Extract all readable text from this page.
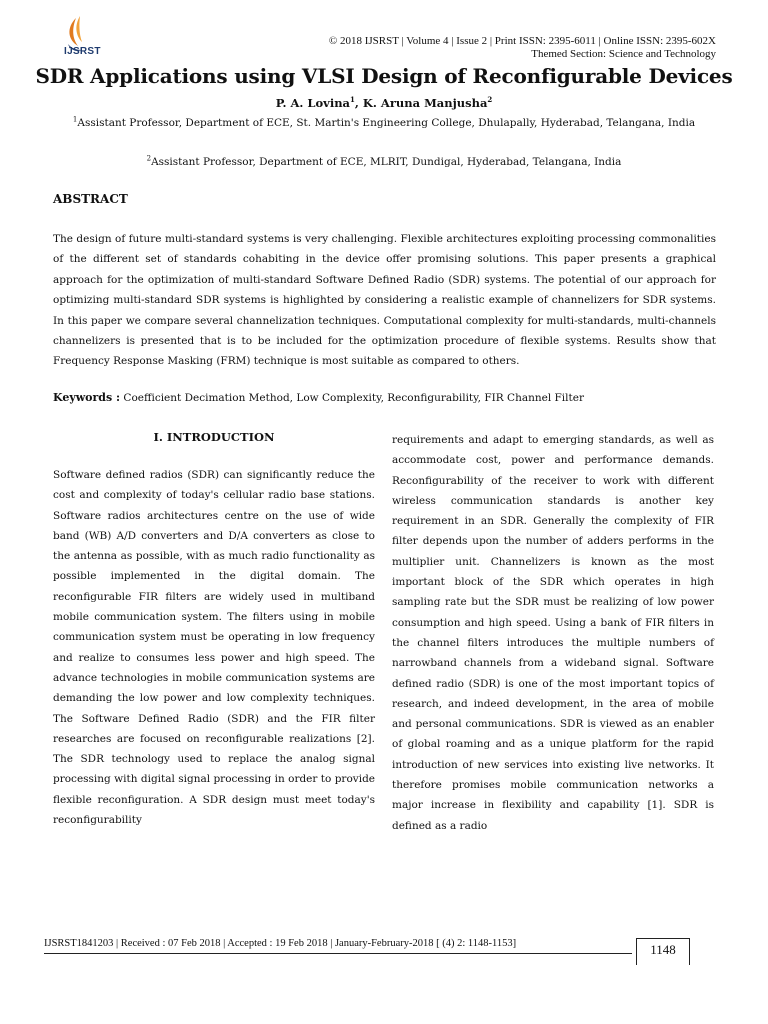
IJSRST
© 2018 IJSRST | Volume 4 | Issue 2 | Print ISSN: 2395-6011 | Online ISSN: 2395-602X
Themed Section: Science and Technology
SDR Applications using VLSI Design of Reconfigurable Devices
P. A. Lovina$^1$, K. Aruna Manjusha$^2$
$^1$Assistant Professor, Department of ECE, St. Martin's Engineering College, Dhulapally, Hyderabad, Telangana, India
$^2$Assistant Professor, Department of ECE, MLRIT, Dundigal, Hyderabad, Telangana, India
ABSTRACT
The design of future multi-standard systems is very challenging. Flexible architectures exploiting processing commonalities of the different set of standards cohabiting in the device offer promising solutions. This paper presents a graphical approach for the optimization of multi-standard Software Defined Radio (SDR) systems. The potential of our approach for optimizing multi-standard SDR systems is highlighted by considering a realistic example of channelizers for SDR systems. In this paper we compare several channelization techniques. Computational complexity for multi-standards, multi-channels channelizers is presented that is to be included for the optimization procedure of flexible systems. Results show that Frequency Response Masking (FRM) technique is most suitable as compared to others.
Keywords : Coefficient Decimation Method, Low Complexity, Reconfigurability, FIR Channel Filter
I. INTRODUCTION
Software defined radios (SDR) can significantly reduce the cost and complexity of today's cellular radio base stations. Software radios architectures centre on the use of wide band (WB) A/D converters and D/A converters as close to the antenna as possible, with as much radio functionality as possible implemented in the digital domain. The reconfigurable FIR filters are widely used in multiband mobile communication system. The filters using in mobile communication system must be operating in low frequency and realize to consumes less power and high speed. The advance technologies in mobile communication systems are demanding the low power and low complexity techniques. The Software Defined Radio (SDR) and the FIR filter researches are focused on reconfigurable realizations [2]. The SDR technology used to replace the analog signal processing with digital signal processing in order to provide flexible reconfiguration. A SDR design must meet today's reconfigurability
requirements and adapt to emerging standards, as well as accommodate cost, power and performance demands. Reconfigurability of the receiver to work with different wireless communication standards is another key requirement in an SDR. Generally the complexity of FIR filter depends upon the number of adders performs in the multiplier unit. Channelizers is known as the most important block of the SDR which operates in high sampling rate but the SDR must be realizing of low power consumption and high speed. Using a bank of FIR filters in the channel filters introduces the multiple numbers of narrowband channels from a wideband signal. Software defined radio (SDR) is one of the most important topics of research, and indeed development, in the area of mobile and personal communications. SDR is viewed as an enabler of global roaming and as a unique platform for the rapid introduction of new services into existing live networks. It therefore promises mobile communication networks a major increase in flexibility and capability [1]. SDR is defined as a radio
IJSRST1841203 | Received : 07 Feb 2018 | Accepted : 19 Feb 2018 | January-February-2018 [ (4) 2: 1148-1153]	1148
